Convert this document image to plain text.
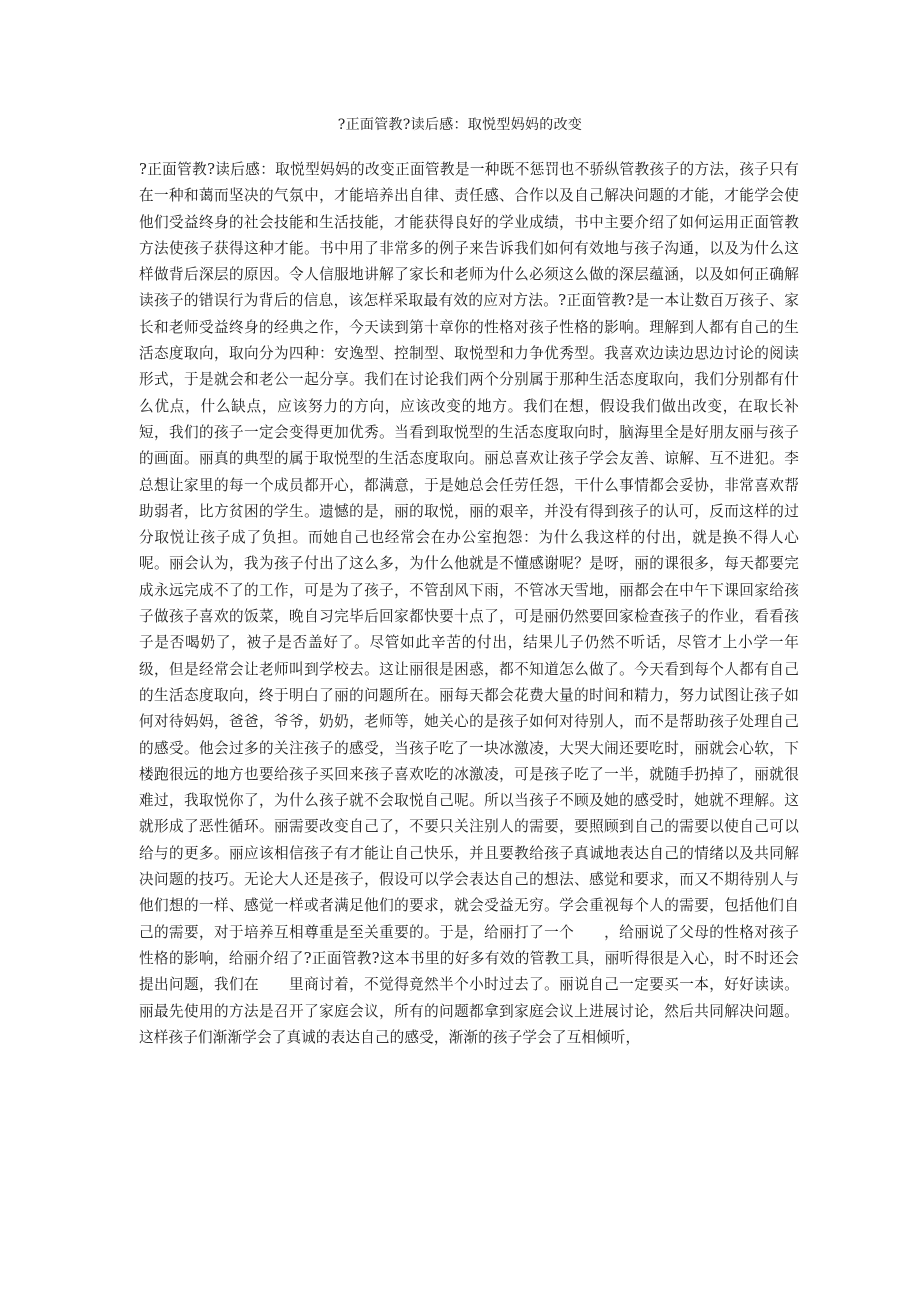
?正面管教?读后感：取悦型妈妈的改变
?正面管教?读后感：取悦型妈妈的改变正面管教是一种既不惩罚也不骄纵管教孩子的方法，孩子只有在一种和蔼而坚决的气氛中，才能培养出自律、责任感、合作以及自己解决问题的才能，才能学会使他们受益终身的社会技能和生活技能，才能获得良好的学业成绩，书中主要介绍了如何运用正面管教方法使孩子获得这种才能。书中用了非常多的例子来告诉我们如何有效地与孩子沟通，以及为什么这样做背后深层的原因。令人信服地讲解了家长和老师为什么必须这么做的深层蕴涵，以及如何正确解读孩子的错误行为背后的信息，该怎样采取最有效的应对方法。?正面管教?是一本让数百万孩子、家长和老师受益终身的经典之作，今天读到第十章你的性格对孩子性格的影响。理解到人都有自己的生活态度取向，取向分为四种：安逸型、控制型、取悦型和力争优秀型。我喜欢边读边思边讨论的阅读形式，于是就会和老公一起分享。我们在讨论我们两个分别属于那种生活态度取向，我们分别都有什么优点，什么缺点，应该努力的方向，应该改变的地方。我们在想，假设我们做出改变，在取长补短，我们的孩子一定会变得更加优秀。当看到取悦型的生活态度取向时，脑海里全是好朋友丽与孩子的画面。丽真的典型的属于取悦型的生活态度取向。丽总喜欢让孩子学会友善、谅解、互不进犯。李总想让家里的每一个成员都开心，都满意，于是她总会任劳任怨，干什么事情都会妥协，非常喜欢帮助弱者，比方贫困的学生。遗憾的是，丽的取悦，丽的艰辛，并没有得到孩子的认可，反而这样的过分取悦让孩子成了负担。而她自己也经常会在办公室抱怨：为什么我这样的付出，就是换不得人心呢。丽会认为，我为孩子付出了这么多，为什么他就是不懂感谢呢？是呀，丽的课很多，每天都要完成永远完成不了的工作，可是为了孩子，不管刮风下雨，不管冰天雪地，丽都会在中午下课回家给孩子做孩子喜欢的饭菜，晚自习完毕后回家都快要十点了，可是丽仍然要回家检查孩子的作业，看看孩子是否喝奶了，被子是否盖好了。尽管如此辛苦的付出，结果儿子仍然不听话，尽管才上小学一年级，但是经常会让老师叫到学校去。这让丽很是困惑，都不知道怎么做了。今天看到每个人都有自己的生活态度取向，终于明白了丽的问题所在。丽每天都会花费大量的时间和精力，努力试图让孩子如何对待妈妈，爸爸，爷爷，奶奶，老师等，她关心的是孩子如何对待别人，而不是帮助孩子处理自己的感受。他会过多的关注孩子的感受，当孩子吃了一块冰激凌，大哭大闹还要吃时，丽就会心软，下楼跑很远的地方也要给孩子买回来孩子喜欢吃的冰激凌，可是孩子吃了一半，就随手扔掉了，丽就很难过，我取悦你了，为什么孩子就不会取悦自己呢。所以当孩子不顾及她的感受时，她就不理解。这就形成了恶性循环。丽需要改变自己了，不要只关注别人的需要，要照顾到自己的需要以使自己可以给与的更多。丽应该相信孩子有才能让自己快乐，并且要教给孩子真诚地表达自己的情绪以及共同解决问题的技巧。无论大人还是孩子，假设可以学会表达自己的想法、感觉和要求，而又不期待别人与他们想的一样、感觉一样或者满足他们的要求，就会受益无穷。学会重视每个人的需要，包括他们自己的需要，对于培养互相尊重是至关重要的。于是，给丽打了一个　　，给丽说了父母的性格对孩子性格的影响，给丽介绍了?正面管教?这本书里的好多有效的管教工具，丽听得很是入心，时不时还会提出问题，我们在　　里商讨着，不觉得竟然半个小时过去了。丽说自己一定要买一本，好好读读。丽最先使用的方法是召开了家庭会议，所有的问题都拿到家庭会议上进展讨论，然后共同解决问题。这样孩子们渐渐学会了真诚的表达自己的感受，渐渐的孩子学会了互相倾听，
